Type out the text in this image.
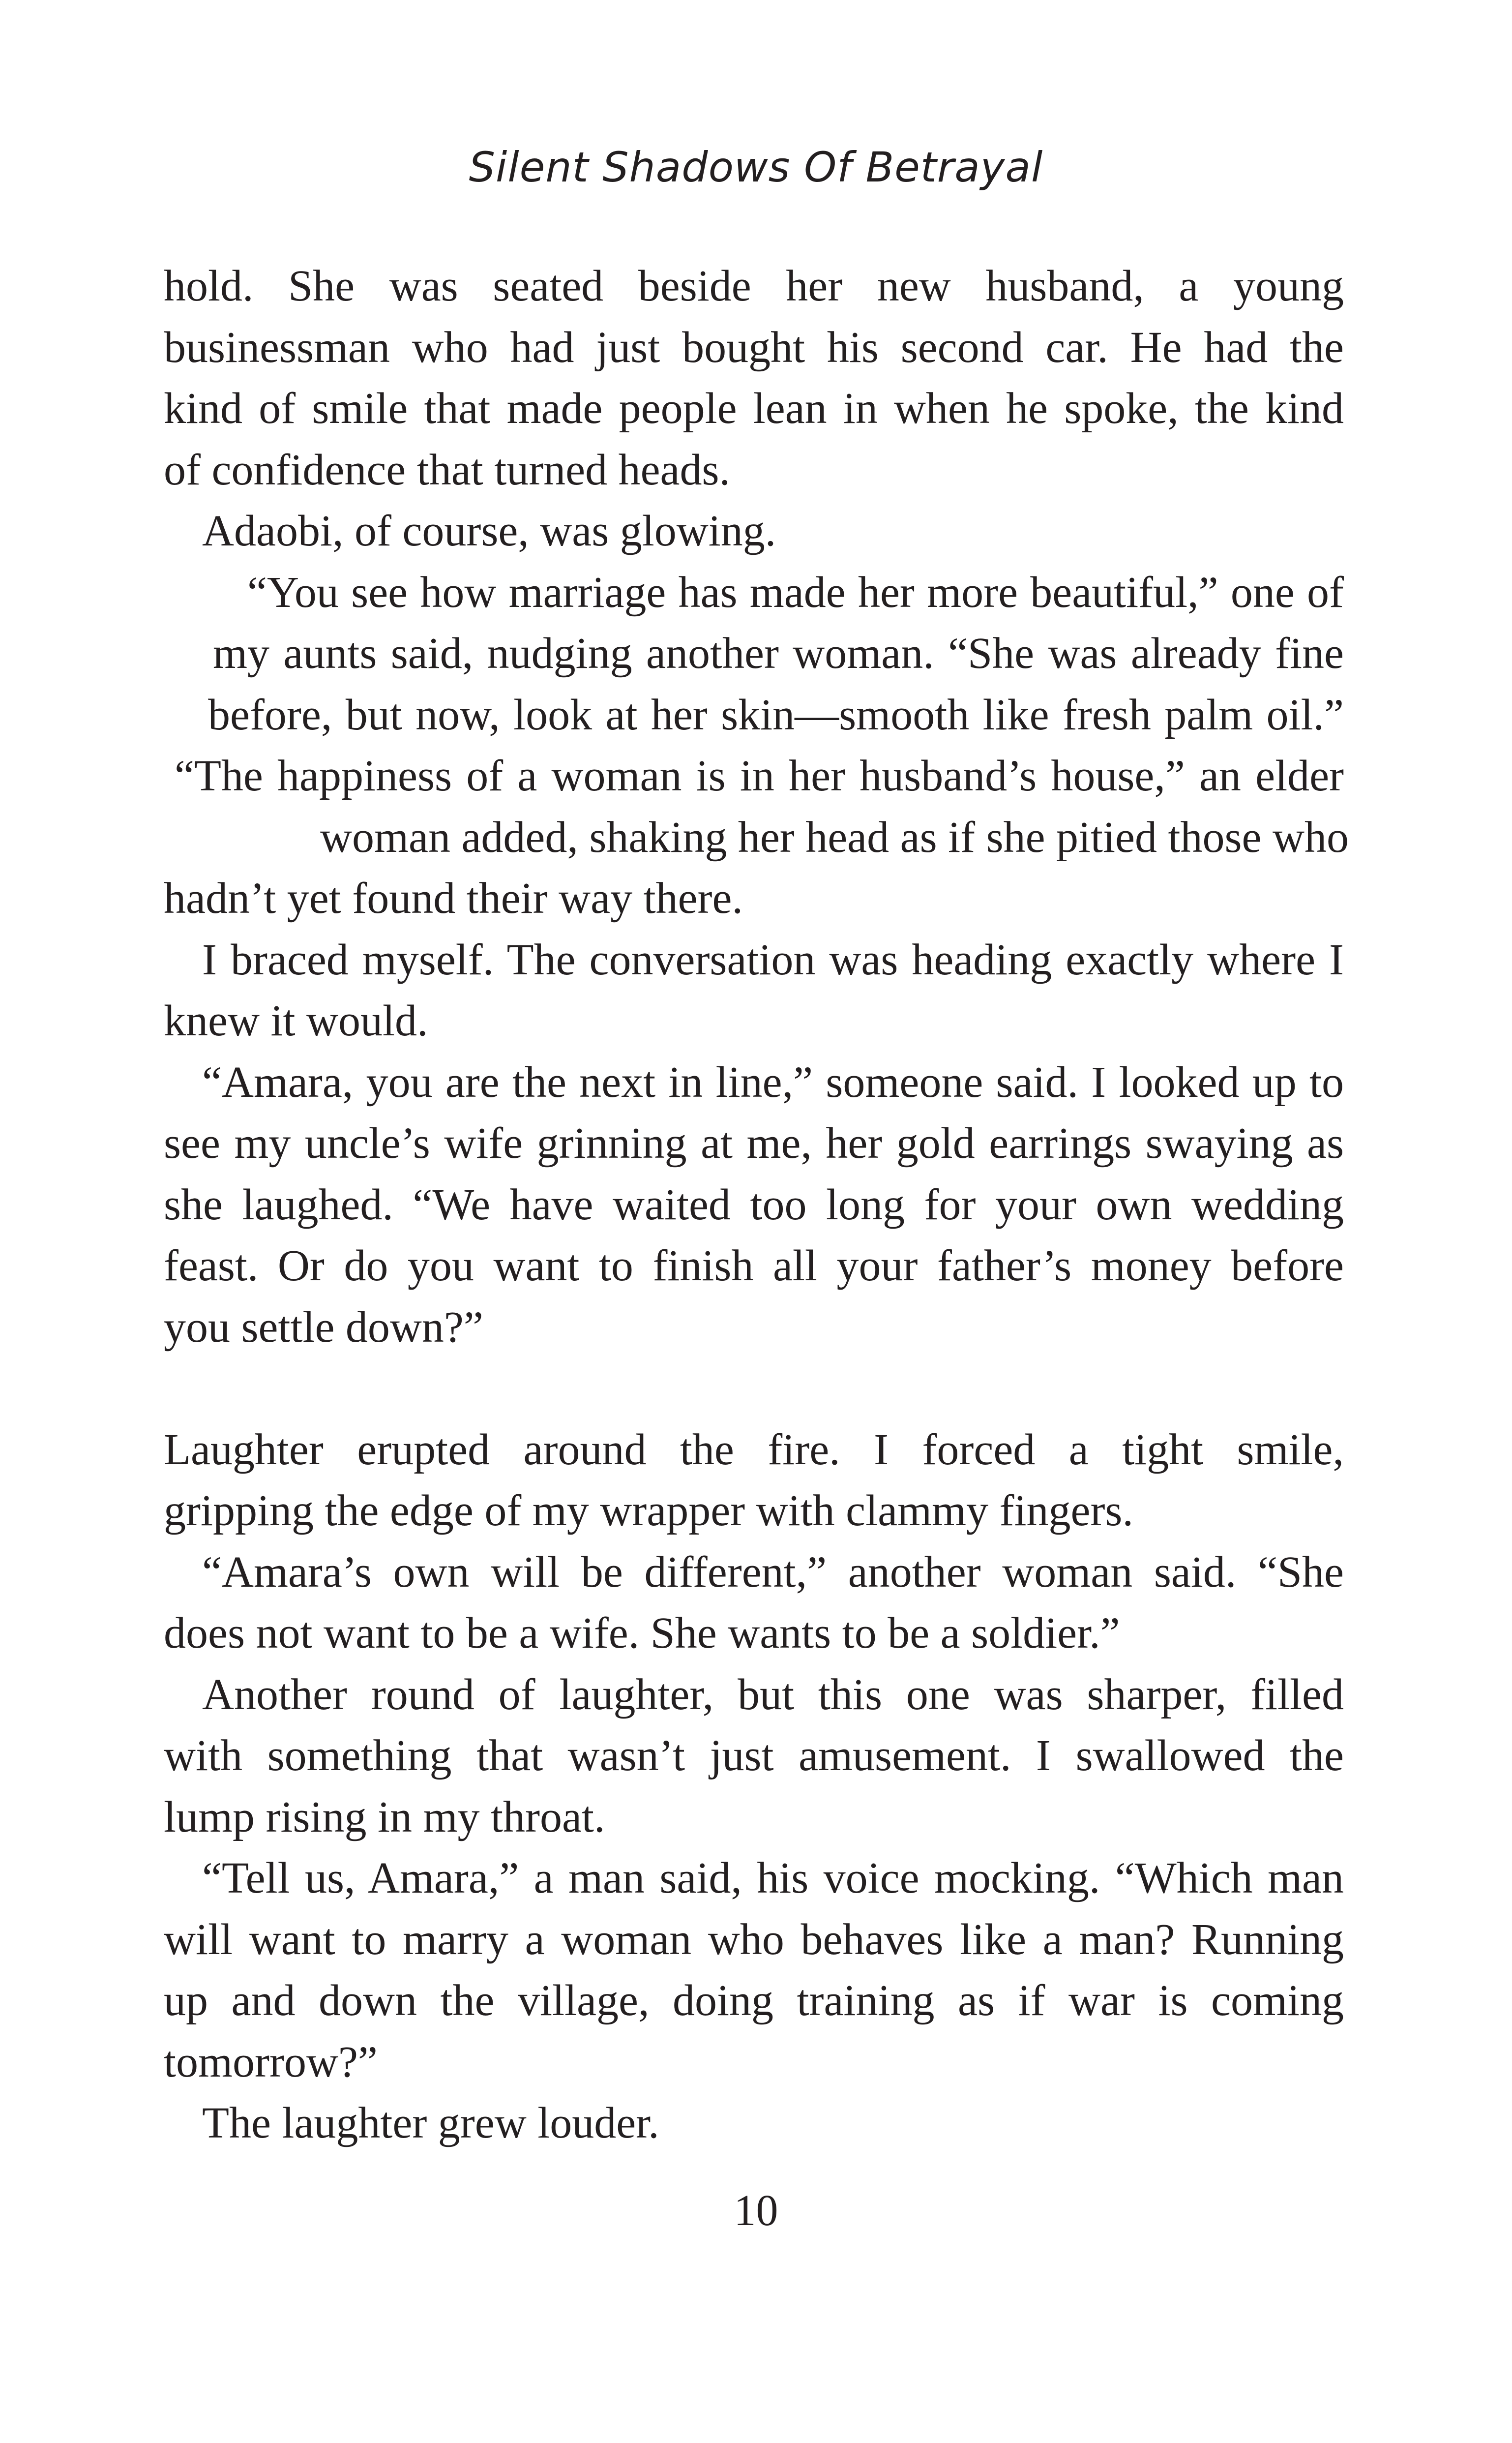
Silent Shadows Of Betrayal
hold. She was seated beside her new husband, a young
businessman who had just bought his second car. He had the
kind of smile that made people lean in when he spoke, the kind
of confidence that turned heads.
Adaobi, of course, was glowing.
“You see how marriage has made her more beautiful,” one of
my aunts said, nudging another woman. “She was already fine
before, but now, look at her skin—smooth like fresh palm oil.”
“The happiness of a woman is in her husband’s house,” an elder
woman added, shaking her head as if she pitied those who
hadn’t yet found their way there.
I braced myself. The conversation was heading exactly where I
knew it would.
“Amara, you are the next in line,” someone said. I looked up to
see my uncle’s wife grinning at me, her gold earrings swaying as
she laughed. “We have waited too long for your own wedding
feast. Or do you want to finish all your father’s money before
you settle down?”
Laughter erupted around the fire. I forced a tight smile,
gripping the edge of my wrapper with clammy fingers.
“Amara’s own will be different,” another woman said. “She
does not want to be a wife. She wants to be a soldier.”
Another round of laughter, but this one was sharper, filled
with something that wasn’t just amusement. I swallowed the
lump rising in my throat.
“Tell us, Amara,” a man said, his voice mocking. “Which man
will want to marry a woman who behaves like a man? Running
up and down the village, doing training as if war is coming
tomorrow?”
The laughter grew louder.
10
